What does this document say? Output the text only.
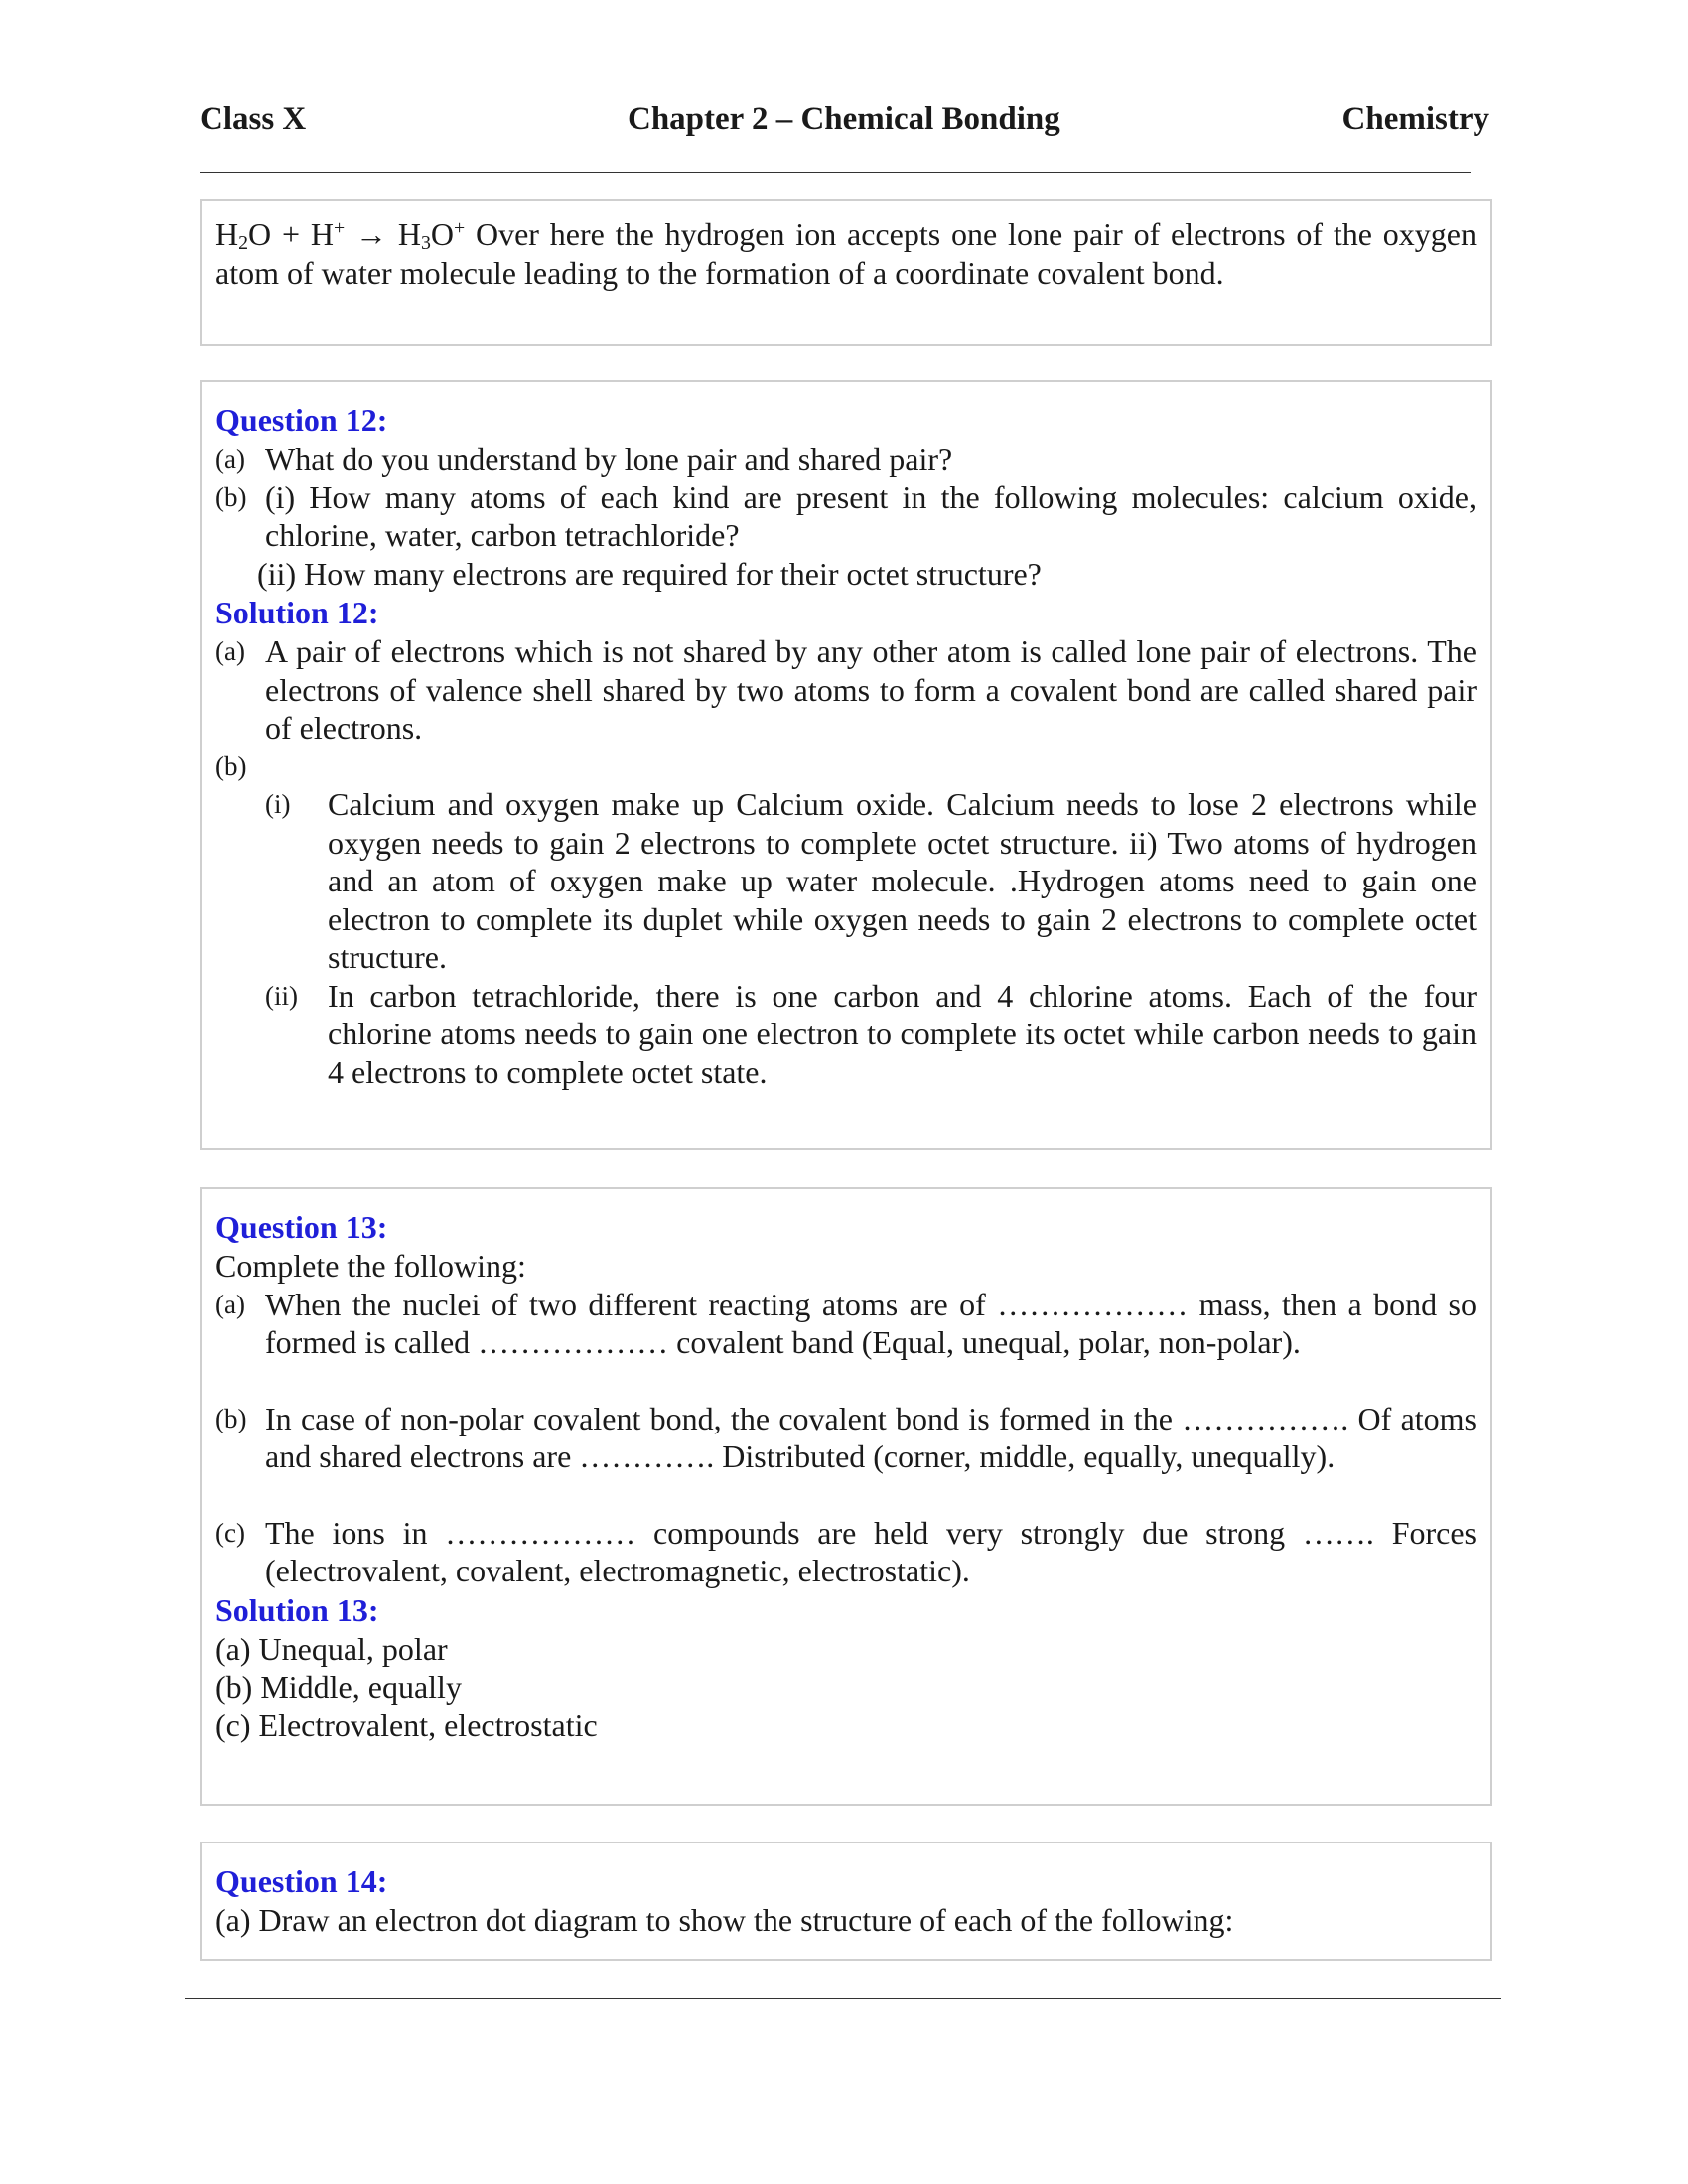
Class X	Chapter 2 – Chemical Bonding	Chemistry
H2O + H+ → H3O+ Over here the hydrogen ion accepts one lone pair of electrons of the oxygen atom of water molecule leading to the formation of a coordinate covalent bond.
Question 12:
(a) What do you understand by lone pair and shared pair?
(b) (i) How many atoms of each kind are present in the following molecules: calcium oxide, chlorine, water, carbon tetrachloride?
(ii) How many electrons are required for their octet structure?
Solution 12:
(a) A pair of electrons which is not shared by any other atom is called lone pair of electrons. The electrons of valence shell shared by two atoms to form a covalent bond are called shared pair of electrons.
(b)
(i)	Calcium and oxygen make up Calcium oxide. Calcium needs to lose 2 electrons while oxygen needs to gain 2 electrons to complete octet structure. ii) Two atoms of hydrogen and an atom of oxygen make up water molecule. .Hydrogen atoms need to gain one electron to complete its duplet while oxygen needs to gain 2 electrons to complete octet structure.
(ii) In carbon tetrachloride, there is one carbon and 4 chlorine atoms. Each of the four chlorine atoms needs to gain one electron to complete its octet while carbon needs to gain 4 electrons to complete octet state.
Question 13:
Complete the following:
(a) When the nuclei of two different reacting atoms are of ……………… mass, then a bond so formed is called ……………… covalent band (Equal, unequal, polar, non-polar).
(b) In case of non-polar covalent bond, the covalent bond is formed in the ……………. Of atoms and shared electrons are …………. Distributed (corner, middle, equally, unequally).
(c) The ions in ……………… compounds are held very strongly due strong ……. Forces (electrovalent, covalent, electromagnetic, electrostatic).
Solution 13:
(a) Unequal, polar
(b) Middle, equally
(c) Electrovalent, electrostatic
Question 14:
(a) Draw an electron dot diagram to show the structure of each of the following:
